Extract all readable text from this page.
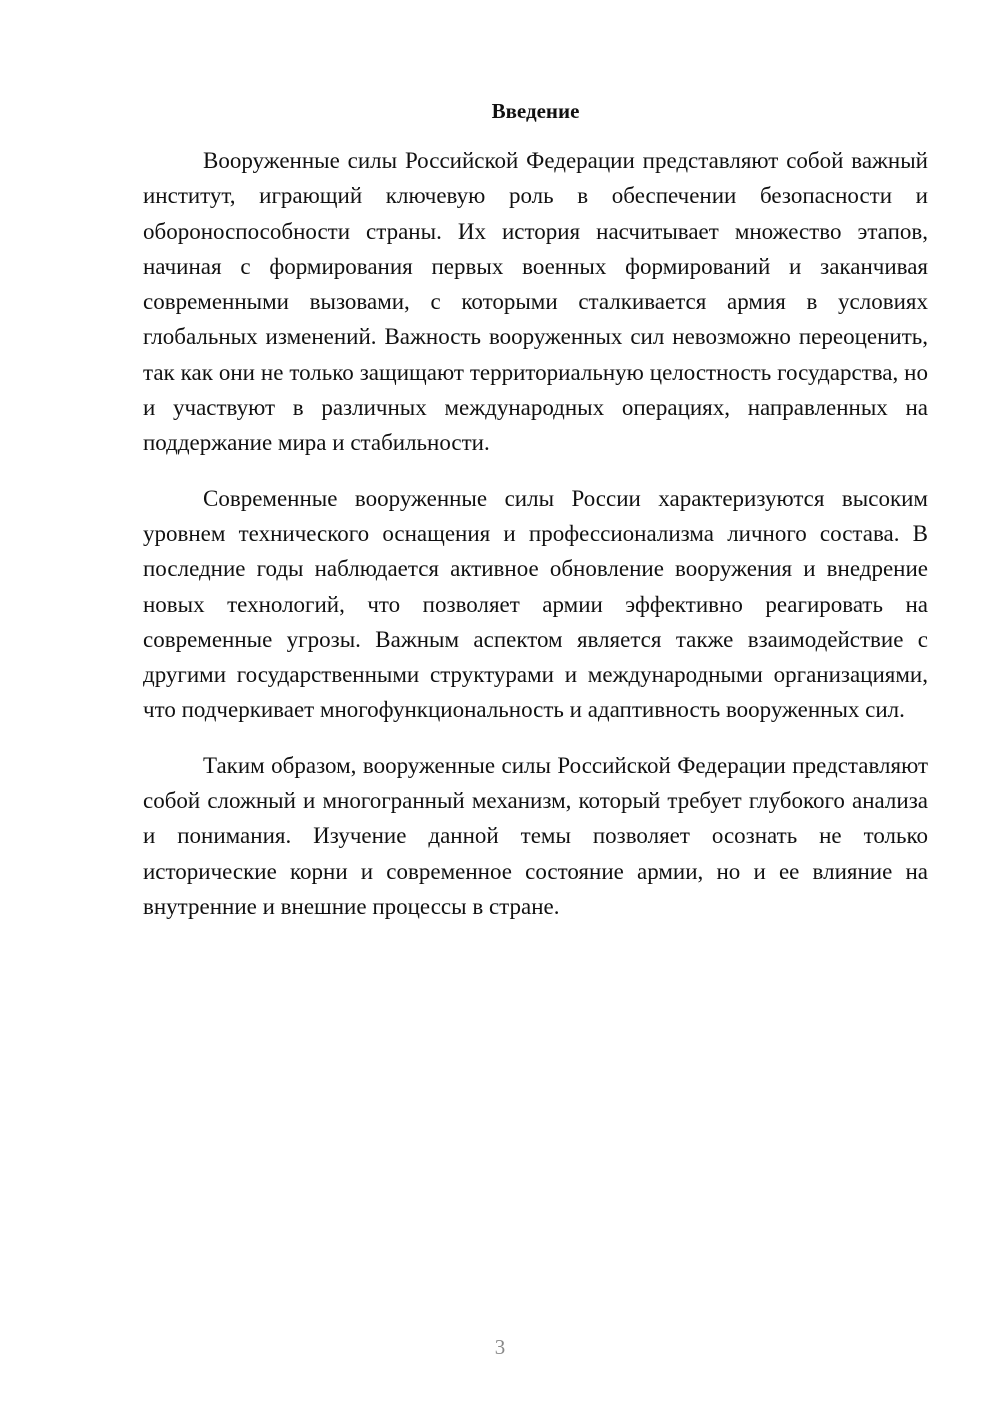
Введение

Вооруженные силы Российской Федерации представляют собой важный институт, играющий ключевую роль в обеспечении безопасности и обороноспособности страны. Их история насчитывает множество этапов, начиная с формирования первых военных формирований и заканчивая современными вызовами, с которыми сталкивается армия в условиях глобальных изменений. Важность вооруженных сил невозможно переоценить, так как они не только защищают территориальную целостность государства, но и участвуют в различных международных операциях, направленных на поддержание мира и стабильности.

Современные вооруженные силы России характеризуются высоким уровнем технического оснащения и профессионализма личного состава. В последние годы наблюдается активное обновление вооружения и внедрение новых технологий, что позволяет армии эффективно реагировать на современные угрозы. Важным аспектом является также взаимодействие с другими государственными структурами и международными организациями, что подчеркивает многофункциональность и адаптивность вооруженных сил.

Таким образом, вооруженные силы Российской Федерации представляют собой сложный и многогранный механизм, который требует глубокого анализа и понимания. Изучение данной темы позволяет осознать не только исторические корни и современное состояние армии, но и ее влияние на внутренние и внешние процессы в стране.

3
